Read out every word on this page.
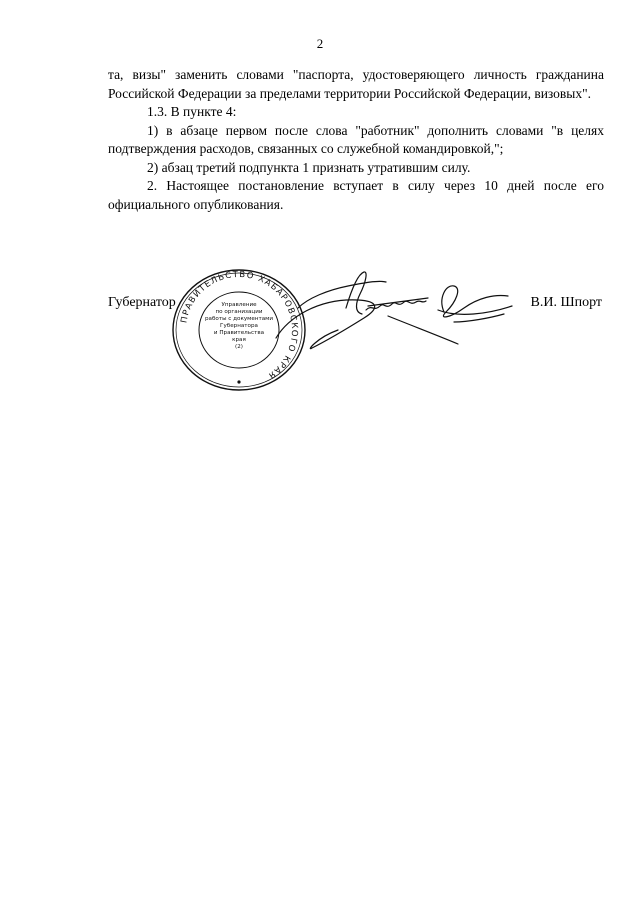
2

та, визы" заменить словами "паспорта, удостоверяющего личность гражданина Российской Федерации за пределами территории Российской Федерации, визовых".

1.3. В пункте 4:

1) в абзаце первом после слова "работник" дополнить словами "в целях подтверждения расходов, связанных со служебной командировкой,";

2) абзац третий подпункта 1 признать утратившим силу.

2. Настоящее постановление вступает в силу через 10 дней после его официального опубликования.

Губернатор
ПРАВИТЕЛЬСТВО ХАБАРОВСКОГО КРАЯ
Управление
по организации
работы с документами
Губернатора
и Правительства
края
(2)
В.И. Шпорт
